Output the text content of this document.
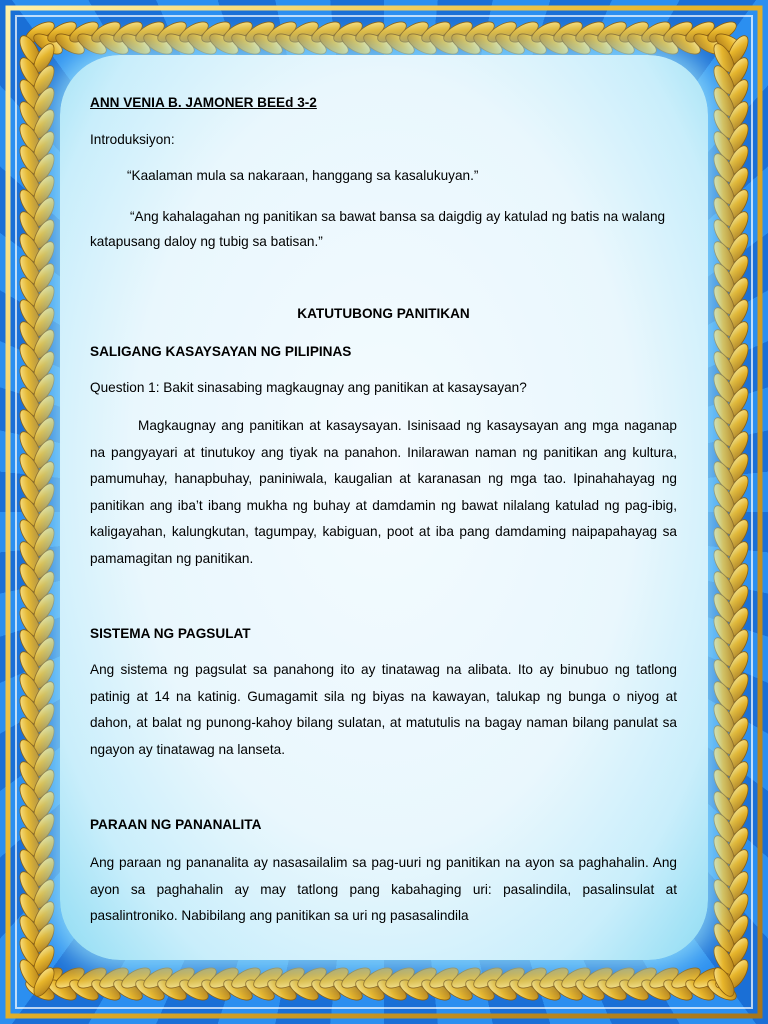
ANN VENIA B. JAMONER BEEd 3-2
Introduksiyon:
“Kaalaman mula sa nakaraan, hanggang sa kasalukuyan.”
“Ang kahalagahan ng panitikan sa bawat bansa sa daigdig ay katulad ng batis na walang katapusang daloy ng tubig sa batisan.”
KATUTUBONG PANITIKAN
SALIGANG KASAYSAYAN NG PILIPINAS
Question 1: Bakit sinasabing magkaugnay ang panitikan at kasaysayan?
Magkaugnay ang panitikan at kasaysayan. Isinisaad ng kasaysayan ang mga naganap na pangyayari at tinutukoy ang tiyak na panahon. Inilarawan naman ng panitikan ang kultura, pamumuhay, hanapbuhay, paniniwala, kaugalian at karanasan ng mga tao. Ipinahahayag ng panitikan ang iba’t ibang mukha ng buhay at damdamin ng bawat nilalang katulad ng pag-ibig, kaligayahan, kalungkutan, tagumpay, kabiguan, poot at iba pang damdaming naipapahayag sa pamamagitan ng panitikan.
SISTEMA NG PAGSULAT
Ang sistema ng pagsulat sa panahong ito ay tinatawag na alibata. Ito ay binubuo ng tatlong patinig at 14 na katinig. Gumagamit sila ng biyas na kawayan, talukap ng bunga o niyog at dahon, at balat ng punong-kahoy bilang sulatan, at matutulis na bagay naman bilang panulat sa ngayon ay tinatawag na lanseta.
PARAAN NG PANANALITA
Ang paraan ng pananalita ay nasasailalim sa pag-uuri ng panitikan na ayon sa paghahalin. Ang ayon sa paghahalin ay may tatlong pang kabahaging uri: pasalindila, pasalinsulat at pasalintroniko. Nabibilang ang panitikan sa uri ng pasasalindila
